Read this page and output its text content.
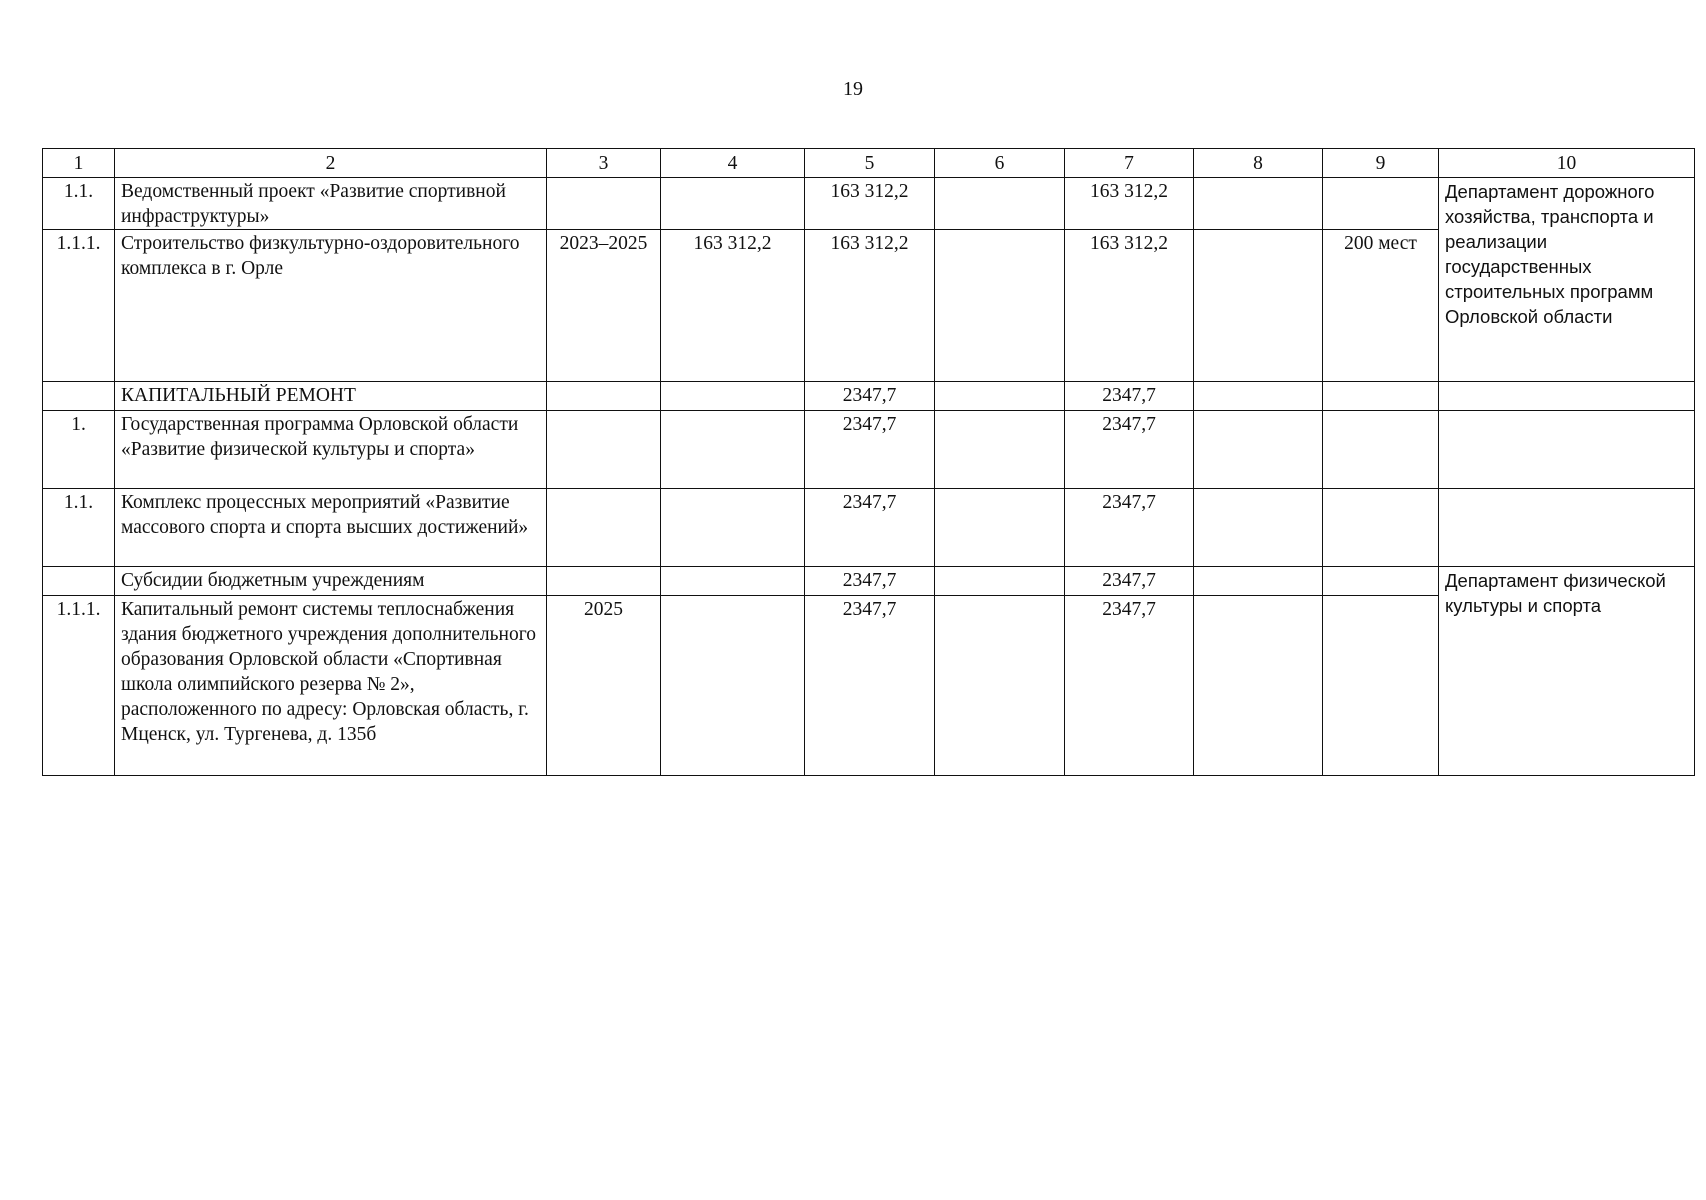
19
1	2	3	4	5	6	7	8	9	10
1.1.	Ведомственный проект «Развитие спортивной инфраструктуры»			163 312,2		163 312,2			Департамент дорожного хозяйства, транспорта и реализации государственных строительных программ Орловской области
1.1.1.	Строительство физкультурно-оздоровительного комплекса в г. Орле	2023–2025	163 312,2	163 312,2		163 312,2		200 мест	
	КАПИТАЛЬНЫЙ РЕМОНТ			2347,7		2347,7			
1.	Государственная программа Орловской области «Развитие физической культуры и спорта»			2347,7		2347,7			
1.1.	Комплекс процессных мероприятий «Развитие массового спорта и спорта высших достижений»			2347,7		2347,7			
	Субсидии бюджетным учреждениям			2347,7		2347,7			Департамент физической культуры и спорта
1.1.1.	Капитальный ремонт системы теплоснабжения здания бюджетного учреждения дополнительного образования Орловской области «Спортивная школа олимпийского резерва № 2», расположенного по адресу: Орловская область, г. Мценск, ул. Тургенева, д. 135б	2025		2347,7		2347,7			
